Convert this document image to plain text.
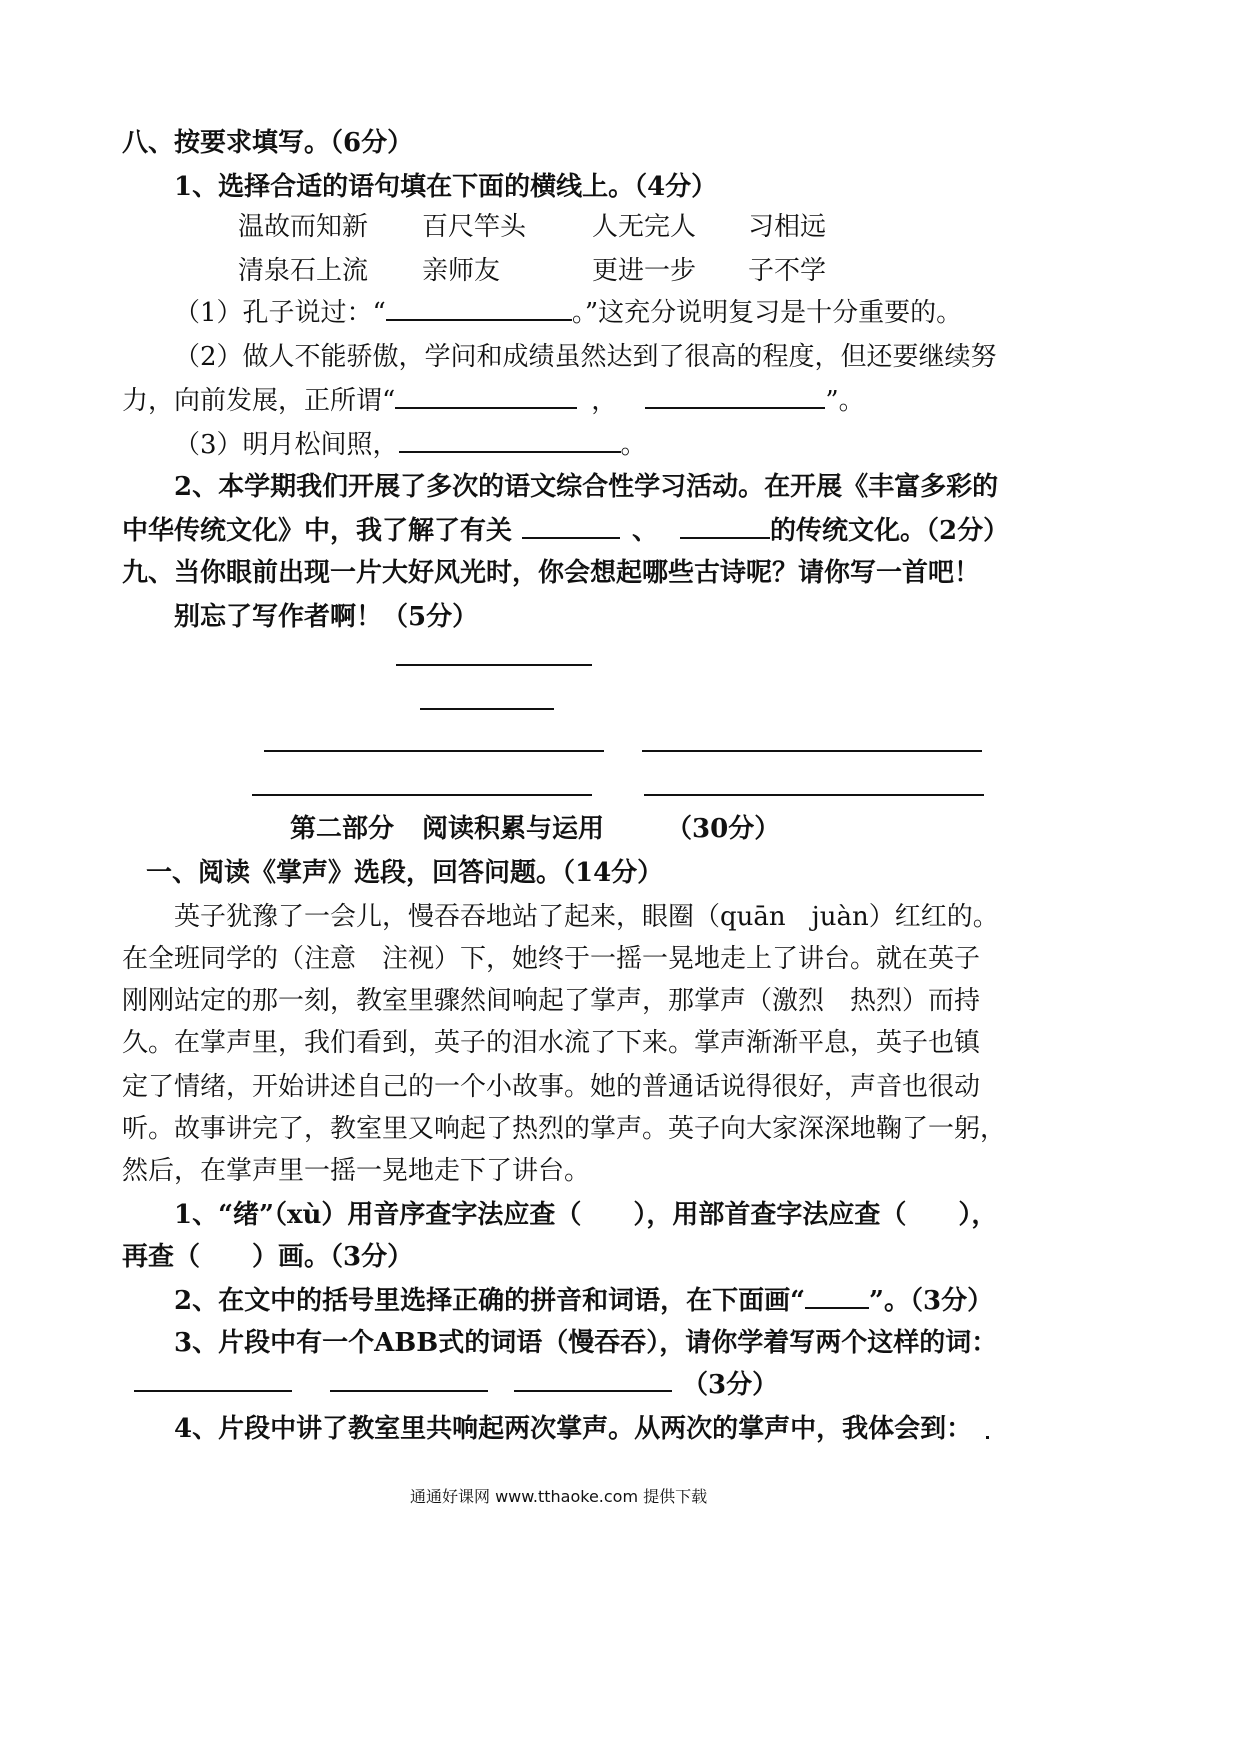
八、按要求填写。（6分）
1、选择合适的语句填在下面的横线上。（4分）
温故而知新 百尺竿头	人无完人 习相远
清泉石上流 亲师友	更进一步 子不学
（1）孔子说过：“	。”这充分说明复习是十分重要的。
（2）做人不能骄傲，学问和成绩虽然达到了很高的程度，但还要继续努
力，向前发展，正所谓“	，	”。
（3）明月松间照，	。
2、本学期我们开展了多次的语文综合性学习活动。在开展《丰富多彩的
中华传统文化》中，我了解了有关	、	的传统文化。（2分）
九、当你眼前出现一片大好风光时，你会想起哪些古诗呢？请你写一首吧！
别忘了写作者啊！（5分）
第二部分 阅读积累与运用 （30分）
一、阅读《掌声》选段，回答问题。（14分）
英子犹豫了一会儿，慢吞吞地站了起来，眼圈（quān　juàn）红红的。
在全班同学的（注意　注视）下，她终于一摇一晃地走上了讲台。就在英子
刚刚站定的那一刻，教室里骤然间响起了掌声，那掌声（激烈　热烈）而持
久。在掌声里，我们看到，英子的泪水流了下来。掌声渐渐平息，英子也镇
定了情绪，开始讲述自己的一个小故事。她的普通话说得很好，声音也很动
听。故事讲完了，教室里又响起了热烈的掌声。英子向大家深深地鞠了一躬，
然后，在掌声里一摇一晃地走下了讲台。
1、“绪”（xù）用音序查字法应查（　　），用部首查字法应查（　　），
再查（　　）画。（3分）
2、在文中的括号里选择正确的拼音和词语，在下面画“ ”。（3分）
3、片段中有一个ABB式的词语（慢吞吞），请你学着写两个这样的词：
（3分）
4、片段中讲了教室里共响起两次掌声。从两次的掌声中，我体会到：
通通好课网 www.tthaoke.com 提供下载
